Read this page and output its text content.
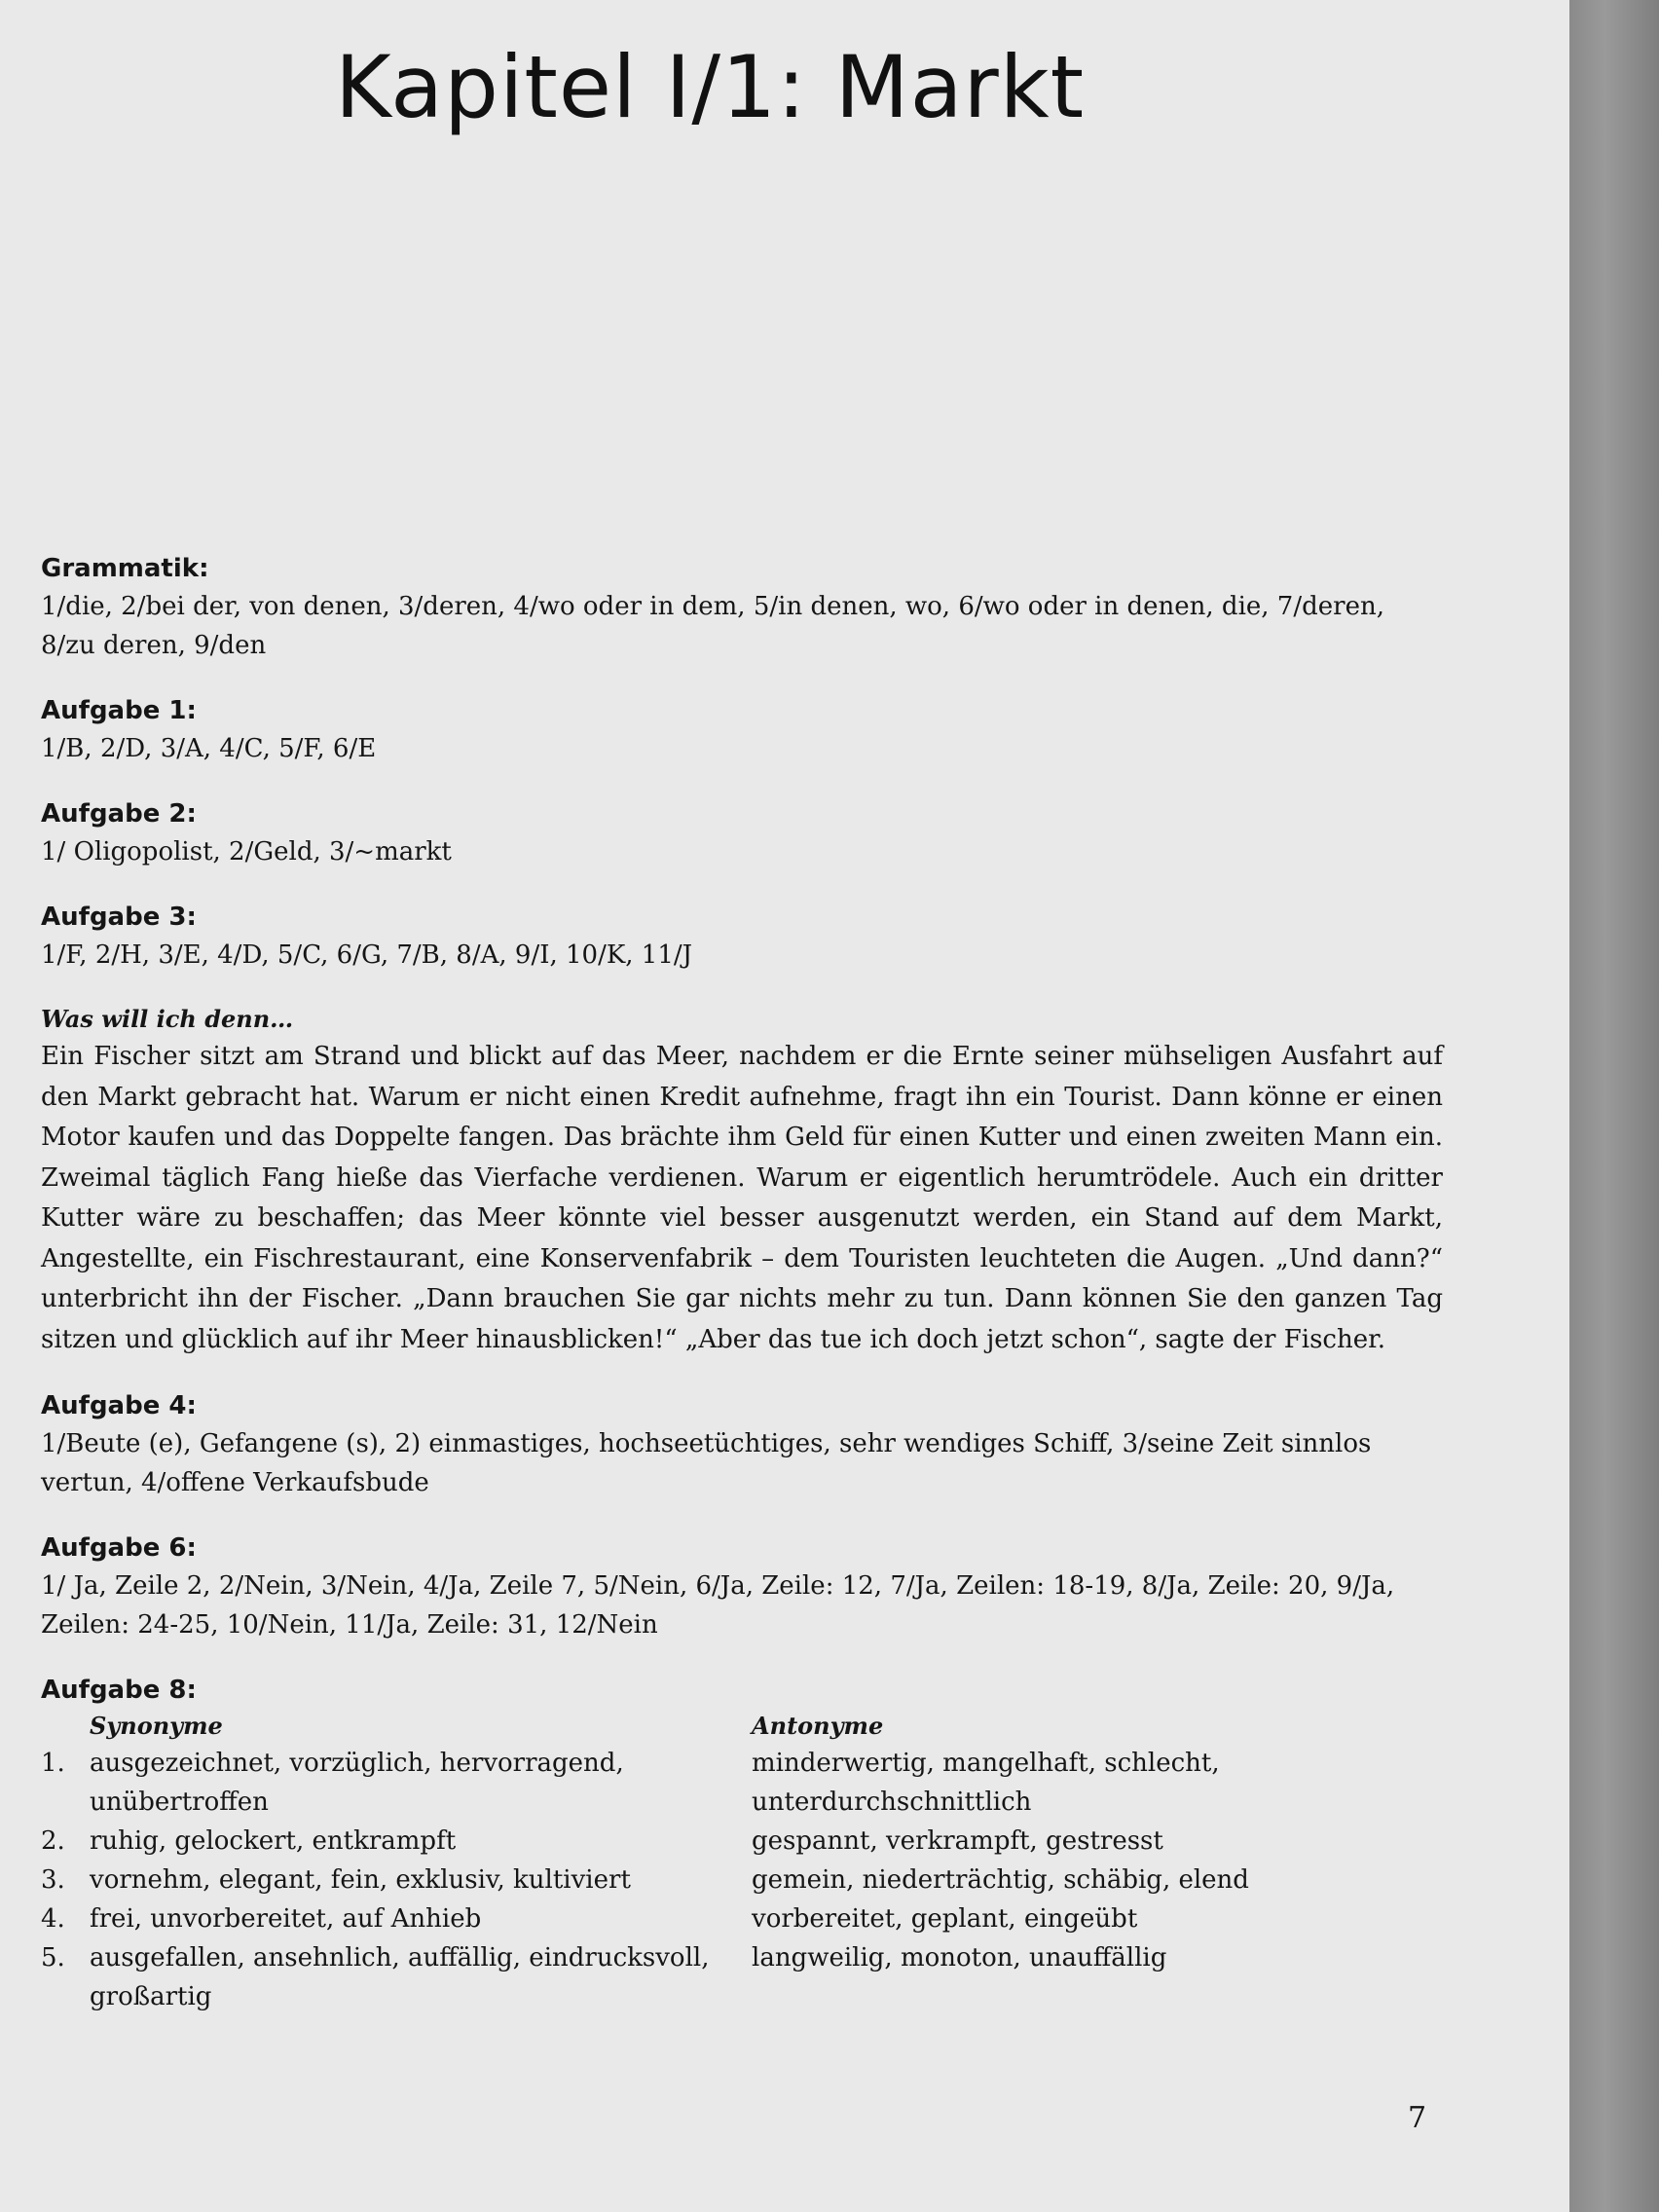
Kapitel I/1: Markt
Grammatik:
1/die, 2/bei der, von denen, 3/deren, 4/wo oder in dem, 5/in denen, wo, 6/wo oder in denen, die, 7/deren, 8/zu deren, 9/den
Aufgabe 1:
1/B, 2/D, 3/A, 4/C, 5/F, 6/E
Aufgabe 2:
1/ Oligopolist, 2/Geld, 3/~markt
Aufgabe 3:
1/F, 2/H, 3/E, 4/D, 5/C, 6/G, 7/B, 8/A, 9/I, 10/K, 11/J
Was will ich denn…
Ein Fischer sitzt am Strand und blickt auf das Meer, nachdem er die Ernte seiner mühseligen Ausfahrt auf den Markt gebracht hat. Warum er nicht einen Kredit aufnehme, fragt ihn ein Tourist. Dann könne er einen Motor kaufen und das Doppelte fangen. Das brächte ihm Geld für einen Kutter und einen zweiten Mann ein. Zweimal täglich Fang hieße das Vierfache verdienen. Warum er eigentlich herumtrödele. Auch ein dritter Kutter wäre zu beschaffen; das Meer könnte viel besser ausgenutzt werden, ein Stand auf dem Markt, Angestellte, ein Fischrestaurant, eine Konservenfabrik – dem Touristen leuchteten die Augen. „Und dann?“ unterbricht ihn der Fischer. „Dann brauchen Sie gar nichts mehr zu tun. Dann können Sie den ganzen Tag sitzen und glücklich auf ihr Meer hinausblicken!“ „Aber das tue ich doch jetzt schon“, sagte der Fischer.
Aufgabe 4:
1/Beute (e), Gefangene (s), 2) einmastiges, hochseetüchtiges, sehr wendiges Schiff, 3/seine Zeit sinnlos vertun, 4/offene Verkaufsbude
Aufgabe 6:
1/ Ja, Zeile 2, 2/Nein, 3/Nein, 4/Ja, Zeile 7, 5/Nein, 6/Ja, Zeile: 12, 7/Ja, Zeilen: 18-19, 8/Ja, Zeile: 20, 9/Ja, Zeilen: 24-25, 10/Nein, 11/Ja, Zeile: 31, 12/Nein
Aufgabe 8:
	Synonyme	Antonyme
1.	ausgezeichnet, vorzüglich, hervorragend, unübertroffen	minderwertig, mangelhaft, schlecht, unterdurchschnittlich
2.	ruhig, gelockert, entkrampft	gespannt, verkrampft, gestresst
3.	vornehm, elegant, fein, exklusiv, kultiviert	gemein, niederträchtig, schäbig, elend
4.	frei, unvorbereitet, auf Anhieb	vorbereitet, geplant, eingeübt
5.	ausgefallen, ansehnlich, auffällig, eindrucksvoll, großartig	langweilig, monoton, unauffällig
7
